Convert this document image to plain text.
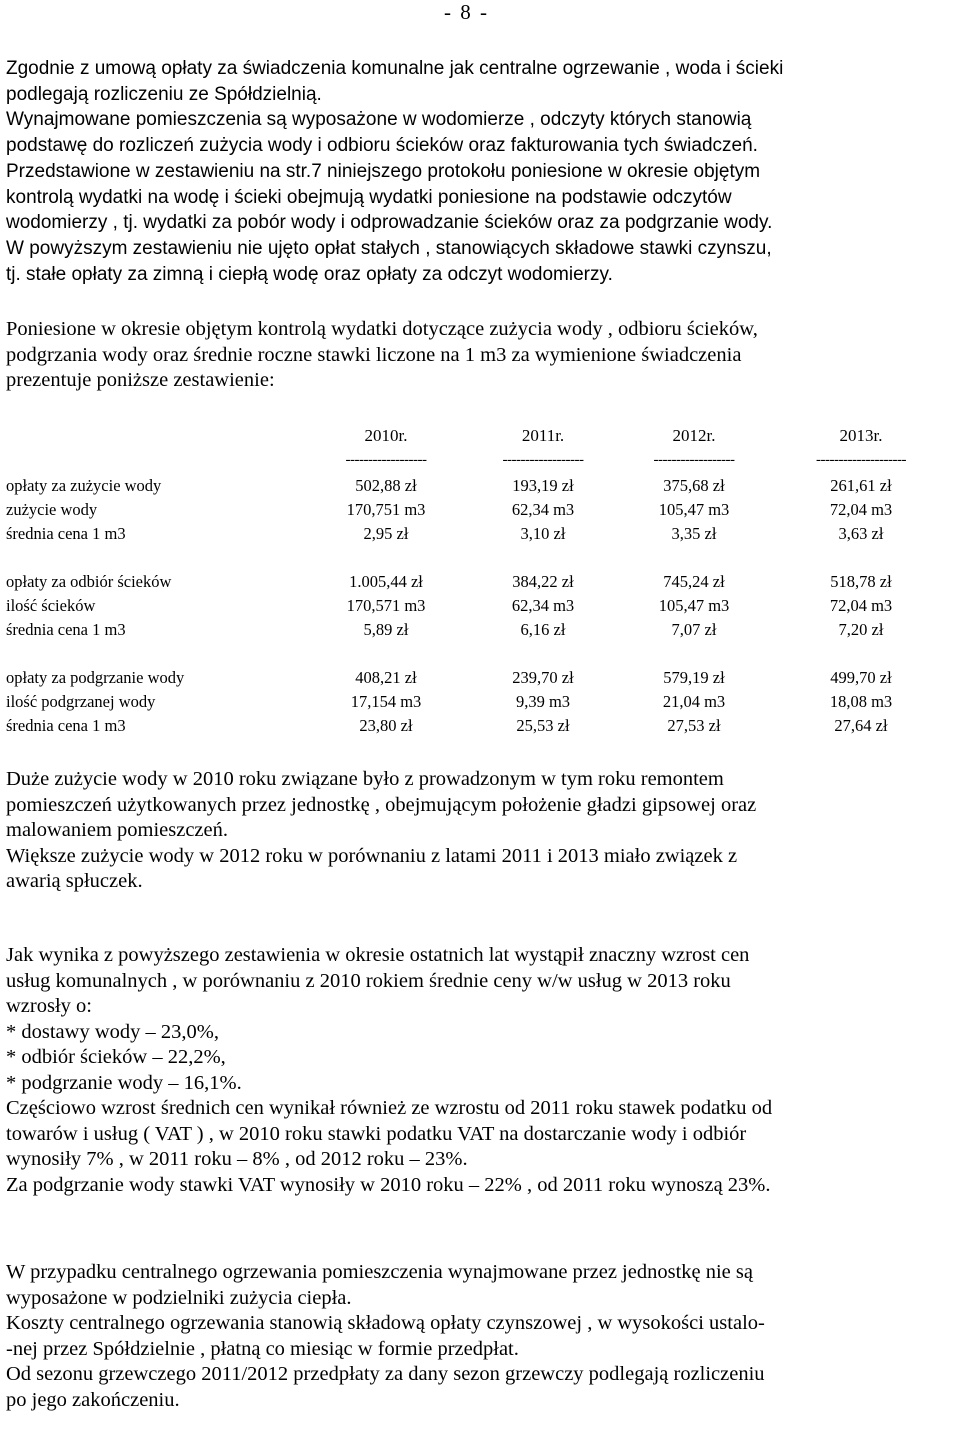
- 8 -

Zgodnie z umową opłaty za świadczenia komunalne jak centralne ogrzewanie , woda i ścieki
podlegają rozliczeniu ze Spółdzielnią.
Wynajmowane pomieszczenia są wyposażone w wodomierze , odczyty których stanowią
podstawę do rozliczeń zużycia wody i odbioru ścieków oraz fakturowania tych świadczeń.
Przedstawione w zestawieniu na str.7 niniejszego protokołu poniesione w okresie objętym
kontrolą wydatki na wodę i ścieki obejmują wydatki poniesione na podstawie odczytów
wodomierzy , tj. wydatki za pobór wody i odprowadzanie ścieków oraz za podgrzanie wody.
W powyższym zestawieniu nie ujęto opłat stałych , stanowiących składowe stawki czynszu,
tj. stałe opłaty za zimną i ciepłą wodę oraz opłaty za odczyt wodomierzy.

Poniesione w okresie objętym kontrolą wydatki dotyczące zużycia wody , odbioru ścieków,
podgrzania wody oraz średnie roczne stawki liczone na 1 m3 za wymienione świadczenia
prezentuje poniższe zestawienie:

2010r.	2011r.	2012r.	2013r.
------------------	------------------	------------------	--------------------
opłaty za zużycie wody	502,88 zł	193,19 zł	375,68 zł	261,61 zł
zużycie wody	170,751 m3	62,34 m3	105,47 m3	72,04 m3
średnia cena 1 m3	2,95 zł	3,10 zł	3,35 zł	3,63 zł
opłaty za odbiór ścieków	1.005,44 zł	384,22 zł	745,24 zł	518,78 zł
ilość ścieków	170,571 m3	62,34 m3	105,47 m3	72,04 m3
średnia cena 1 m3	5,89 zł	6,16 zł	7,07 zł	7,20 zł
opłaty za podgrzanie wody	408,21 zł	239,70 zł	579,19 zł	499,70 zł
ilość podgrzanej wody	17,154 m3	9,39 m3	21,04 m3	18,08 m3
średnia cena 1 m3	23,80 zł	25,53 zł	27,53 zł	27,64 zł

Duże zużycie wody w 2010 roku związane było z prowadzonym w tym roku remontem
pomieszczeń użytkowanych przez jednostkę , obejmującym położenie gładzi gipsowej oraz
malowaniem pomieszczeń.
Większe zużycie wody w 2012 roku w porównaniu z latami 2011 i 2013 miało związek z
awarią spłuczek.

Jak wynika z powyższego zestawienia w okresie ostatnich lat wystąpił znaczny wzrost cen
usług komunalnych , w porównaniu z 2010 rokiem średnie ceny w/w usług w 2013 roku
wzrosły o:
* dostawy wody – 23,0%,
* odbiór ścieków – 22,2%,
* podgrzanie wody – 16,1%.
Częściowo wzrost średnich cen wynikał również ze wzrostu od 2011 roku stawek podatku od
towarów i usług ( VAT ) , w 2010 roku stawki podatku VAT na dostarczanie wody i odbiór
wynosiły 7% , w 2011 roku – 8% , od 2012 roku – 23%.
Za podgrzanie wody stawki VAT wynosiły w 2010 roku – 22% , od 2011 roku wynoszą 23%.

W przypadku centralnego ogrzewania pomieszczenia wynajmowane przez jednostkę nie są
wyposażone w podzielniki zużycia ciepła.
Koszty centralnego ogrzewania stanowią składową opłaty czynszowej , w wysokości ustalo-
-nej przez Spółdzielnie , płatną co miesiąc w formie przedpłat.
Od sezonu grzewczego 2011/2012 przedpłaty za dany sezon grzewczy podlegają rozliczeniu
po jego zakończeniu.
